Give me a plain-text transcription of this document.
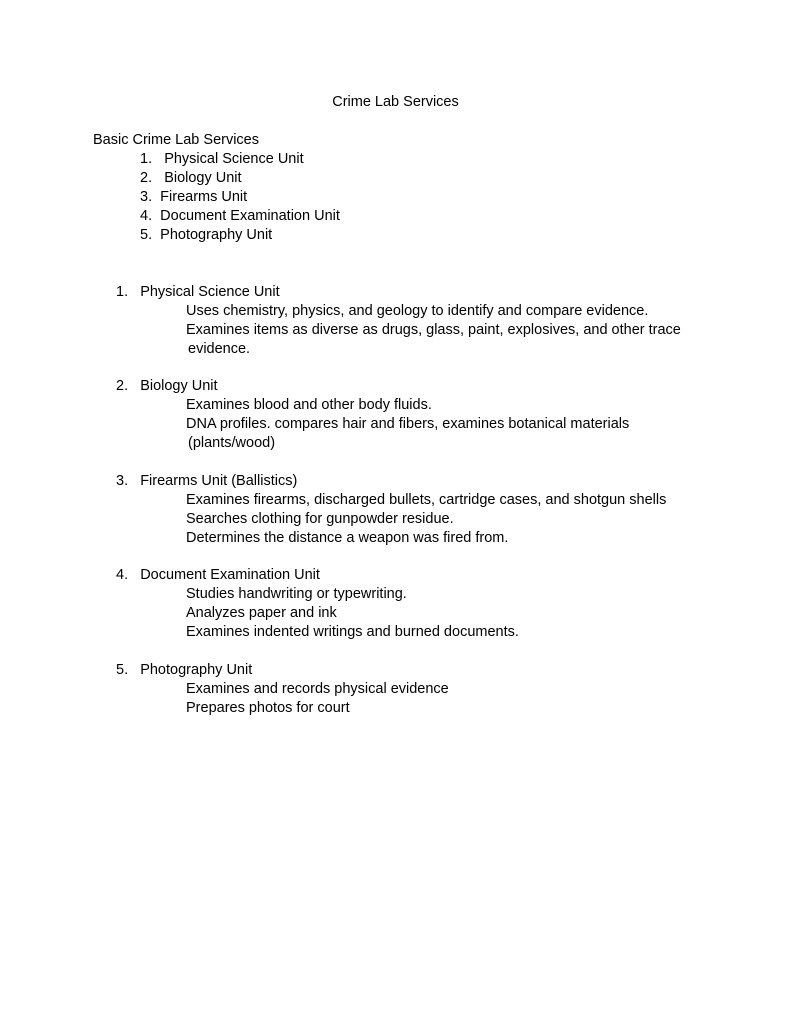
Crime Lab Services
Basic Crime Lab Services
1. Physical Science Unit
2. Biology Unit
3. Firearms Unit
4. Document Examination Unit
5. Photography Unit
1. Physical Science Unit
Uses chemistry, physics, and geology to identify and compare evidence.
Examines items as diverse as drugs, glass, paint, explosives, and other trace
evidence.
2. Biology Unit
Examines blood and other body fluids.
DNA profiles. compares hair and fibers, examines botanical materials
(plants/wood)
3. Firearms Unit (Ballistics)
Examines firearms, discharged bullets, cartridge cases, and shotgun shells
Searches clothing for gunpowder residue.
Determines the distance a weapon was fired from.
4. Document Examination Unit
Studies handwriting or typewriting.
Analyzes paper and ink
Examines indented writings and burned documents.
5. Photography Unit
Examines and records physical evidence
Prepares photos for court
